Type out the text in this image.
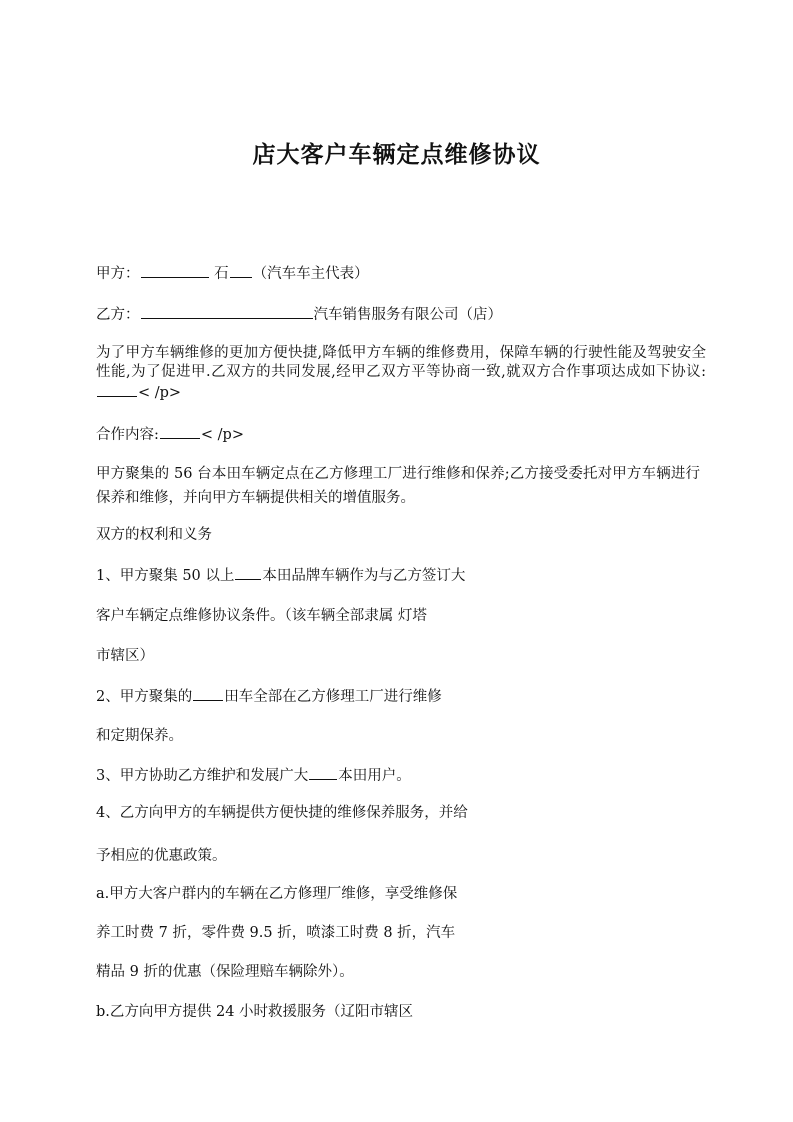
店大客户车辆定点维修协议
甲方：	石 （汽车车主代表）
乙方：	汽车销售服务有限公司（店）
为了甲方车辆维修的更加方便快捷,降低甲方车辆的维修费用，保障车辆的行驶性能及驾驶安全性能,为了促进甲.乙双方的共同发展,经甲乙双方平等协商一致,就双方合作事项达成如下协议:< /p>
合作内容:	< /p>
甲方聚集的 56 台本田车辆定点在乙方修理工厂进行维修和保养;乙方接受委托对甲方车辆进行保养和维修，并向甲方车辆提供相关的增值服务。
双方的权利和义务
1、甲方聚集 50 以上 本田品牌车辆作为与乙方签订大
客户车辆定点维修协议条件。（该车辆全部隶属 灯塔
市辖区）
2、甲方聚集的 田车全部在乙方修理工厂进行维修
和定期保养。
3、甲方协助乙方维护和发展广大 本田用户。
4、乙方向甲方的车辆提供方便快捷的维修保养服务，并给
予相应的优惠政策。
a.甲方大客户群内的车辆在乙方修理厂维修，享受维修保
养工时费 7 折，零件费 9.5 折，喷漆工时费 8 折，汽车
精品 9 折的优惠（保险理赔车辆除外）。
b.乙方向甲方提供 24 小时救援服务（辽阳市辖区
